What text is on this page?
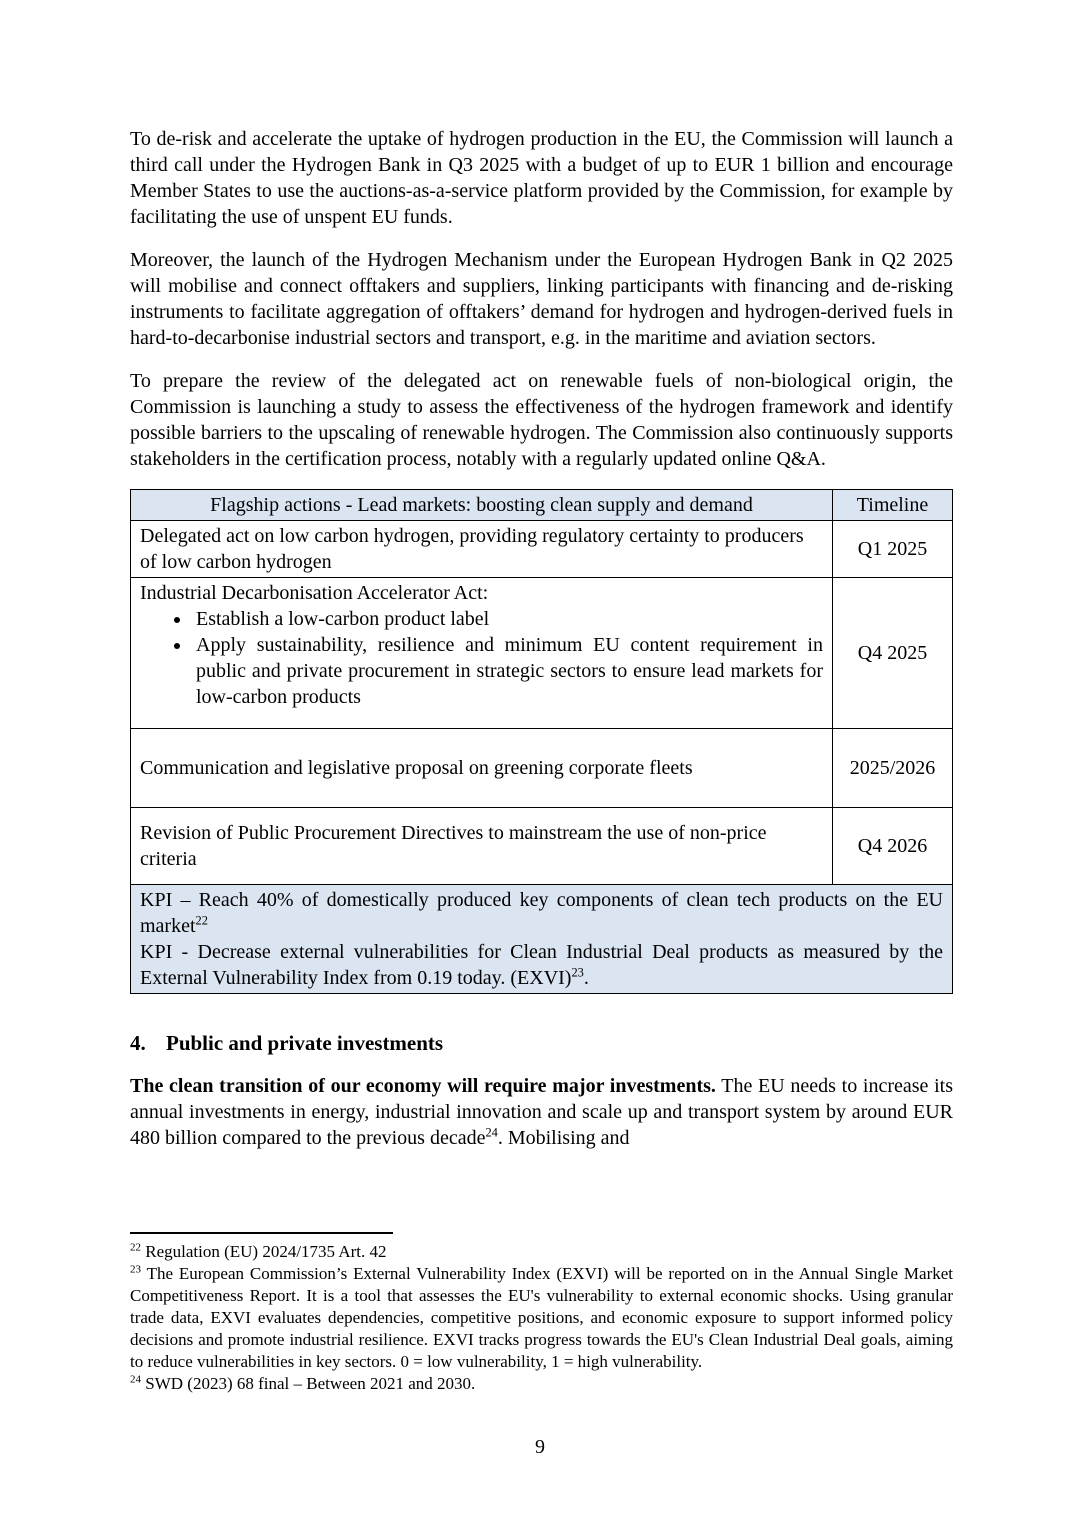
To de-risk and accelerate the uptake of hydrogen production in the EU, the Commission will launch a third call under the Hydrogen Bank in Q3 2025 with a budget of up to EUR 1 billion and encourage Member States to use the auctions-as-a-service platform provided by the Commission, for example by facilitating the use of unspent EU funds.

Moreover, the launch of the Hydrogen Mechanism under the European Hydrogen Bank in Q2 2025 will mobilise and connect offtakers and suppliers, linking participants with financing and de-risking instruments to facilitate aggregation of offtakers’ demand for hydrogen and hydrogen-derived fuels in hard-to-decarbonise industrial sectors and transport, e.g. in the maritime and aviation sectors.

To prepare the review of the delegated act on renewable fuels of non-biological origin, the Commission is launching a study to assess the effectiveness of the hydrogen framework and identify possible barriers to the upscaling of renewable hydrogen. The Commission also continuously supports stakeholders in the certification process, notably with a regularly updated online Q&A.

Flagship actions - Lead markets: boosting clean supply and demand	Timeline
Delegated act on low carbon hydrogen, providing regulatory certainty to producers of low carbon hydrogen	Q1 2025
Industrial Decarbonisation Accelerator Act:
• Establish a low-carbon product label
• Apply sustainability, resilience and minimum EU content requirement in public and private procurement in strategic sectors to ensure lead markets for low-carbon products
	Q4 2025
Communication and legislative proposal on greening corporate fleets	2025/2026
Revision of Public Procurement Directives to mainstream the use of non-price criteria	Q4 2026

KPI – Reach 40% of domestically produced key components of clean tech products on the EU market$^{22}$
KPI - Decrease external vulnerabilities for Clean Industrial Deal products as measured by the External Vulnerability Index from 0.19 today. (EXVI)$^{23}$.	
4. Public and private investments

The clean transition of our economy will require major investments. The EU needs to increase its annual investments in energy, industrial innovation and scale up and transport system by around EUR 480 billion compared to the previous decade$^{24}$. Mobilising and

$^{22}$ Regulation (EU) 2024/1735 Art. 42

$^{23}$ The European Commission’s External Vulnerability Index (EXVI) will be reported on in the Annual Single Market Competitiveness Report. It is a tool that assesses the EU's vulnerability to external economic shocks. Using granular trade data, EXVI evaluates dependencies, competitive positions, and economic exposure to support informed policy decisions and promote industrial resilience. EXVI tracks progress towards the EU's Clean Industrial Deal goals, aiming to reduce vulnerabilities in key sectors. 0 = low vulnerability, 1 = high vulnerability.

$^{24}$ SWD (2023) 68 final – Between 2021 and 2030.

9
